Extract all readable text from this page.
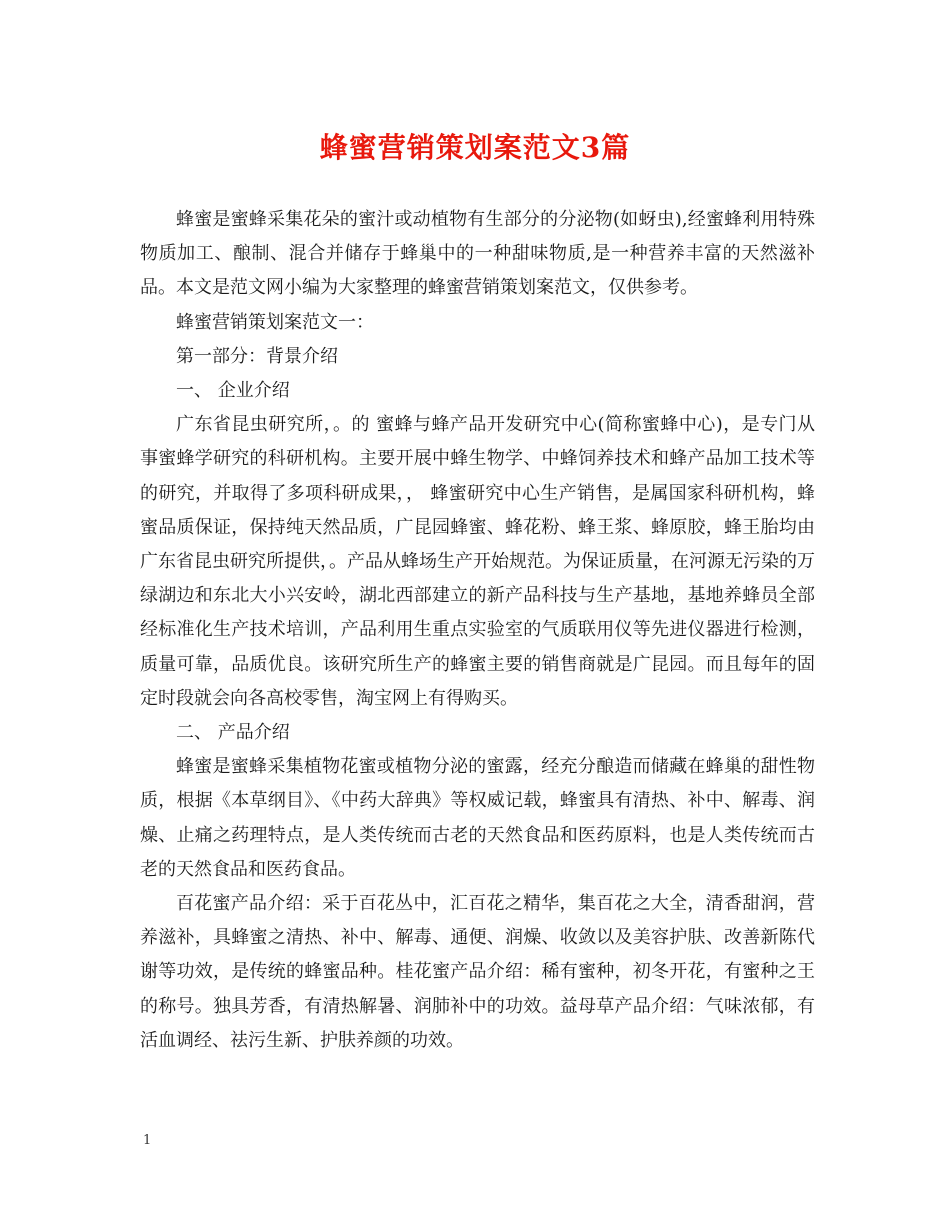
蜂蜜营销策划案范文3篇

蜂蜜是蜜蜂采集花朵的蜜汁或动植物有生部分的分泌物(如蚜虫),经蜜蜂利用特殊物质加工、酿制、混合并储存于蜂巢中的一种甜味物质,是一种营养丰富的天然滋补品。本文是范文网小编为大家整理的蜂蜜营销策划案范文，仅供参考。

蜂蜜营销策划案范文一：

第一部分：背景介绍

一、 企业介绍

广东省昆虫研究所，。的 蜜蜂与蜂产品开发研究中心(简称蜜蜂中心)，是专门从事蜜蜂学研究的科研机构。主要开展中蜂生物学、中蜂饲养技术和蜂产品加工技术等的研究，并取得了多项科研成果，， 蜂蜜研究中心生产销售，是属国家科研机构，蜂蜜品质保证，保持纯天然品质，广昆园蜂蜜、蜂花粉、蜂王浆、蜂原胶，蜂王胎均由广东省昆虫研究所提供，。产品从蜂场生产开始规范。为保证质量，在河源无污染的万绿湖边和东北大小兴安岭，湖北西部建立的新产品科技与生产基地，基地养蜂员全部经标准化生产技术培训，产品利用生重点实验室的气质联用仪等先进仪器进行检测，质量可靠，品质优良。该研究所生产的蜂蜜主要的销售商就是广昆园。而且每年的固定时段就会向各高校零售，淘宝网上有得购买。

二、 产品介绍

蜂蜜是蜜蜂采集植物花蜜或植物分泌的蜜露，经充分酿造而储藏在蜂巢的甜性物质，根据《本草纲目》、《中药大辞典》等权威记载，蜂蜜具有清热、补中、解毒、润燥、止痛之药理特点，是人类传统而古老的天然食品和医药原料，也是人类传统而古老的天然食品和医药食品。

百花蜜产品介绍：采于百花丛中，汇百花之精华，集百花之大全，清香甜润，营养滋补，具蜂蜜之清热、补中、解毒、通便、润燥、收敛以及美容护肤、改善新陈代谢等功效，是传统的蜂蜜品种。桂花蜜产品介绍：稀有蜜种，初冬开花，有蜜种之王的称号。独具芳香，有清热解暑、润肺补中的功效。益母草产品介绍：气味浓郁，有活血调经、祛污生新、护肤养颜的功效。

1
